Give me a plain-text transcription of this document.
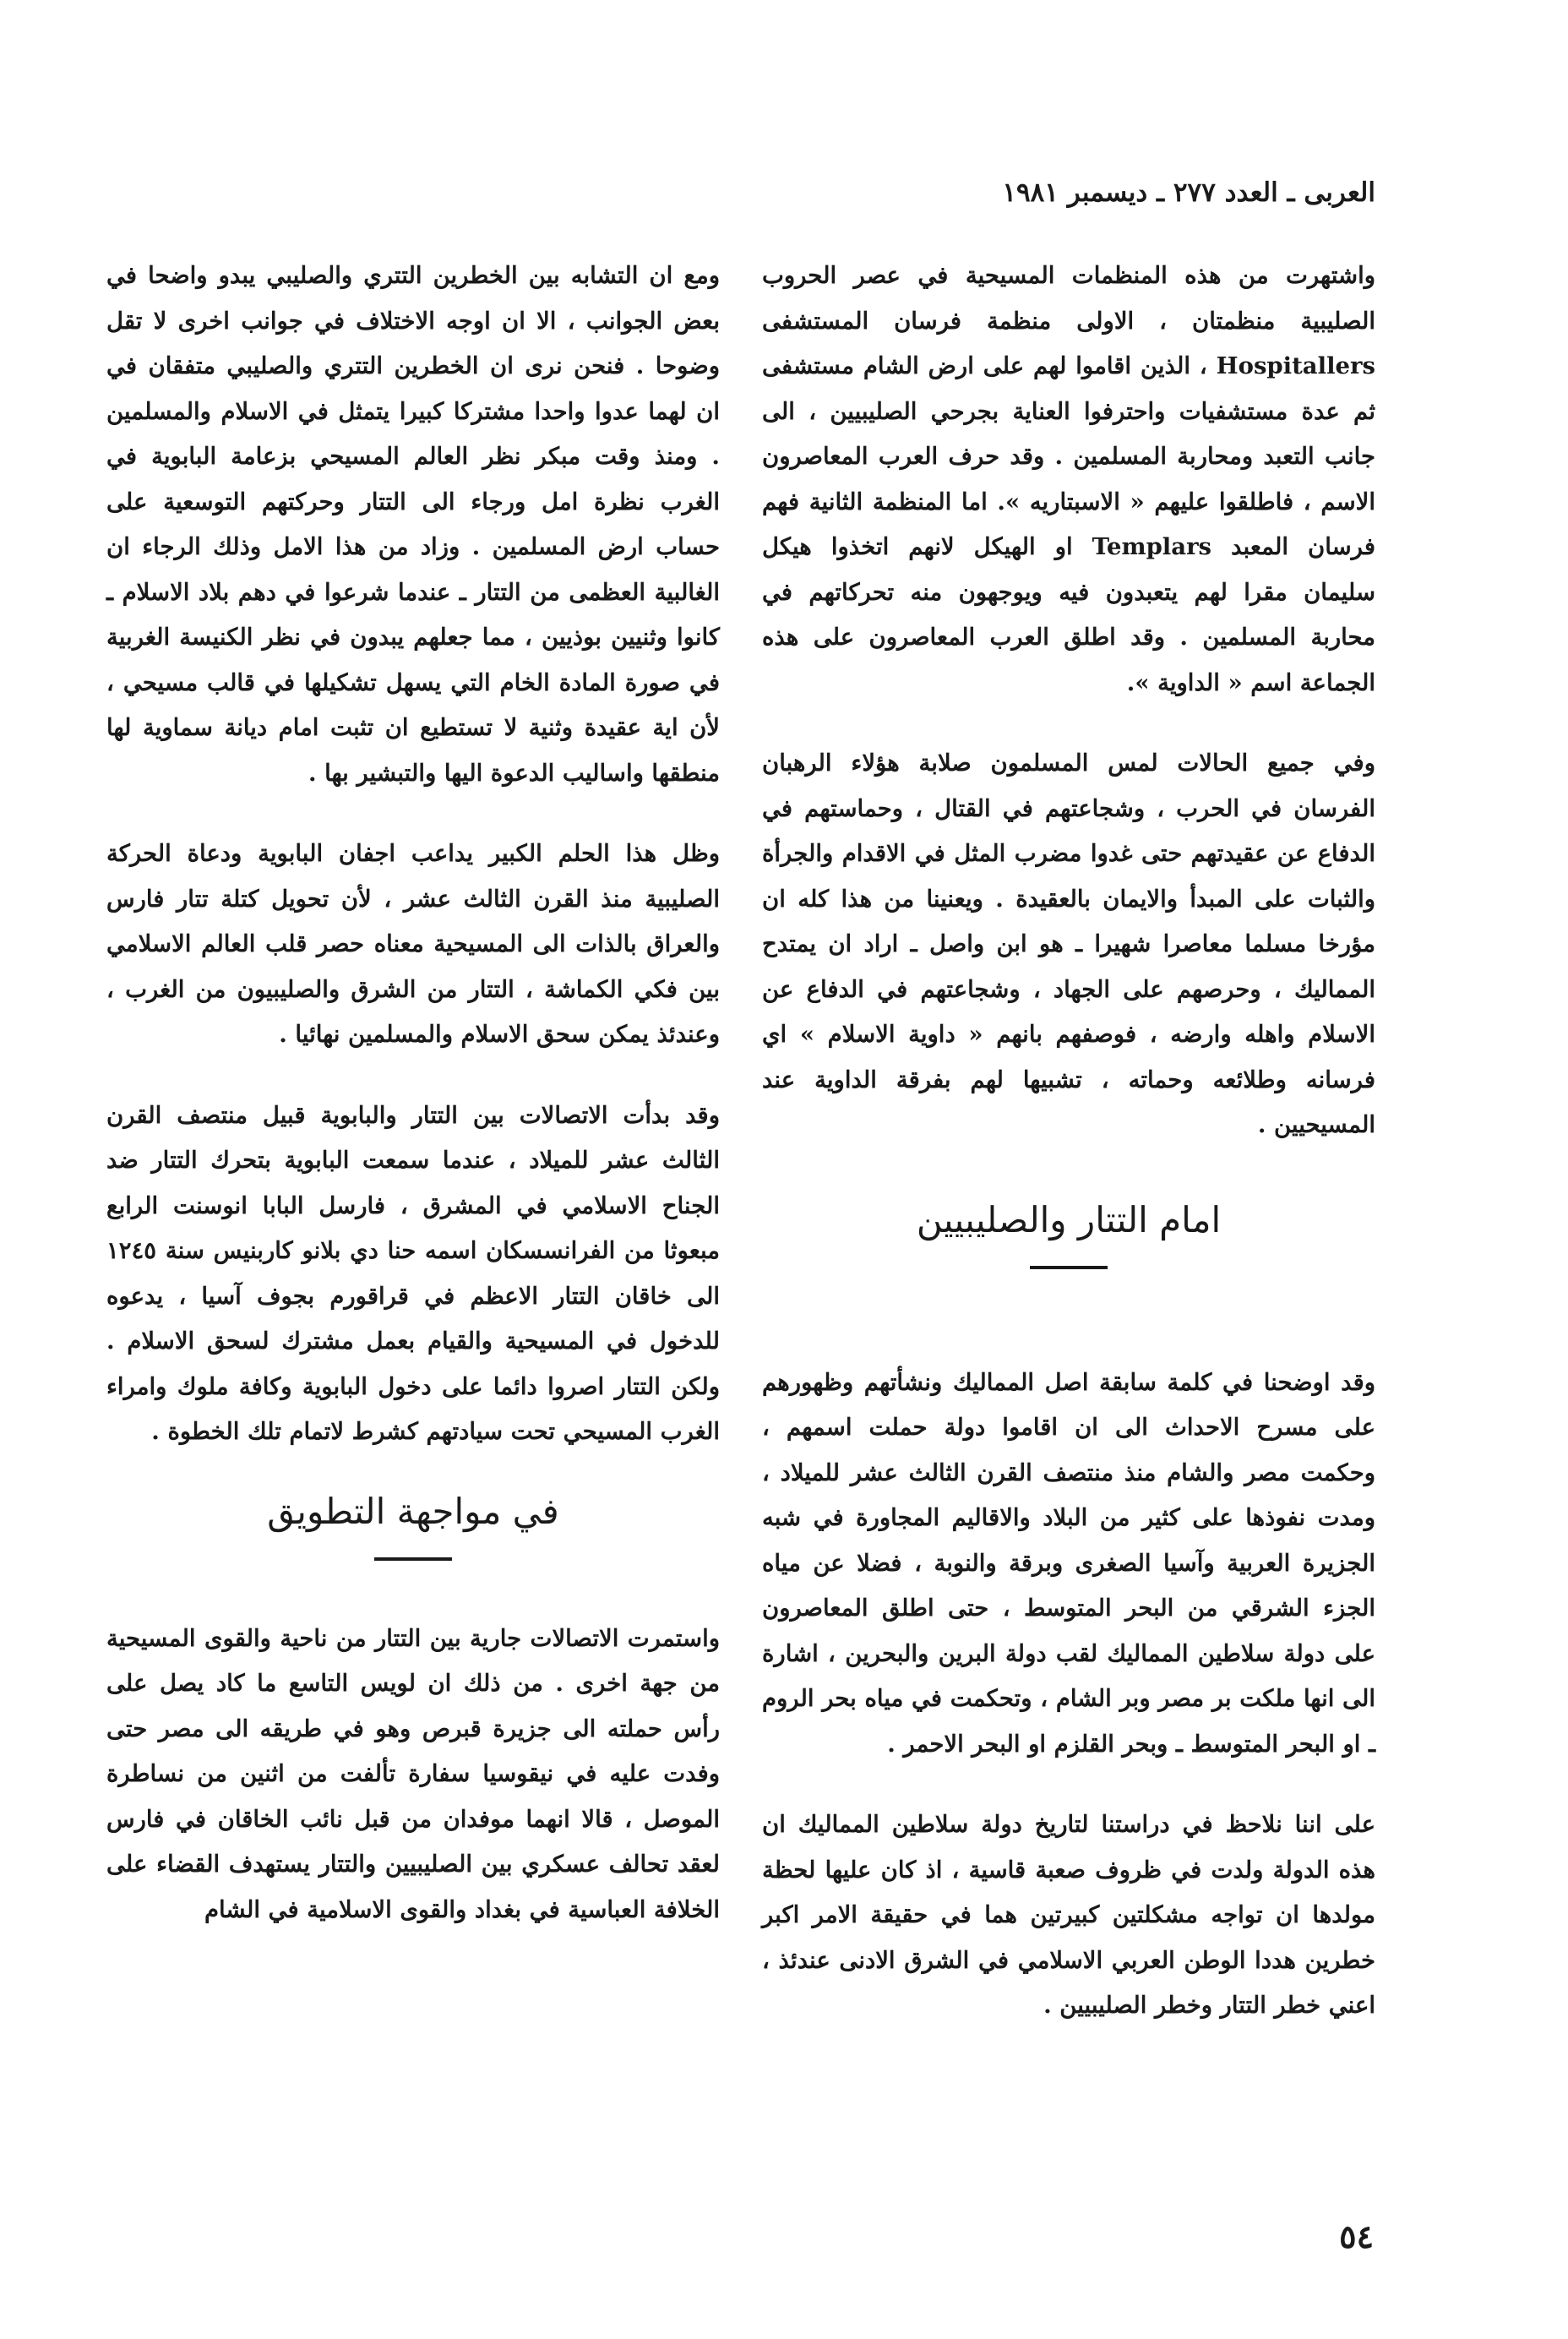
العربى ـ العدد ٢٧٧ ـ ديسمبر ١٩٨١

واشتهرت من هذه المنظمات المسيحية في عصر الحروب الصليبية منظمتان ، الاولى منظمة فرسان المستشفى Hospitallers ، الذين اقاموا لهم على ارض الشام مستشفى ثم عدة مستشفيات واحترفوا العناية بجرحي الصليبيين ، الى جانب التعبد ومحاربة المسلمين . وقد حرف العرب المعاصرون الاسم ، فاطلقوا عليهم « الاسبتاريه ». اما المنظمة الثانية فهم فرسان المعبد Templars او الهيكل لانهم اتخذوا هيكل سليمان مقرا لهم يتعبدون فيه ويوجهون منه تحركاتهم في محاربة المسلمين . وقد اطلق العرب المعاصرون على هذه الجماعة اسم « الداوية ».

وفي جميع الحالات لمس المسلمون صلابة هؤلاء الرهبان الفرسان في الحرب ، وشجاعتهم في القتال ، وحماستهم في الدفاع عن عقيدتهم حتى غدوا مضرب المثل في الاقدام والجرأة والثبات على المبدأ والايمان بالعقيدة . ويعنينا من هذا كله ان مؤرخا مسلما معاصرا شهيرا ـ هو ابن واصل ـ اراد ان يمتدح المماليك ، وحرصهم على الجهاد ، وشجاعتهم في الدفاع عن الاسلام واهله وارضه ، فوصفهم بانهم « داوية الاسلام » اي فرسانه وطلائعه وحماته ، تشبيها لهم بفرقة الداوية عند المسيحيين .

امام التتار والصليبيين

وقد اوضحنا في كلمة سابقة اصل المماليك ونشأتهم وظهورهم على مسرح الاحداث الى ان اقاموا دولة حملت اسمهم ، وحكمت مصر والشام منذ منتصف القرن الثالث عشر للميلاد ، ومدت نفوذها على كثير من البلاد والاقاليم المجاورة في شبه الجزيرة العربية وآسيا الصغرى وبرقة والنوبة ، فضلا عن مياه الجزء الشرقي من البحر المتوسط ، حتى اطلق المعاصرون على دولة سلاطين المماليك لقب دولة البرين والبحرين ، اشارة الى انها ملكت بر مصر وبر الشام ، وتحكمت في مياه بحر الروم ـ او البحر المتوسط ـ وبحر القلزم او البحر الاحمر .

على اننا نلاحظ في دراستنا لتاريخ دولة سلاطين المماليك ان هذه الدولة ولدت في ظروف صعبة قاسية ، اذ كان عليها لحظة مولدها ان تواجه مشكلتين كبيرتين هما في حقيقة الامر اكبر خطرين هددا الوطن العربي الاسلامي في الشرق الادنى عندئذ ، اعني خطر التتار وخطر الصليبيين .

ومع ان التشابه بين الخطرين التتري والصليبي يبدو واضحا في بعض الجوانب ، الا ان اوجه الاختلاف في جوانب اخرى لا تقل وضوحا . فنحن نرى ان الخطرين التتري والصليبي متفقان في ان لهما عدوا واحدا مشتركا كبيرا يتمثل في الاسلام والمسلمين . ومنذ وقت مبكر نظر العالم المسيحي بزعامة البابوية في الغرب نظرة امل ورجاء الى التتار وحركتهم التوسعية على حساب ارض المسلمين . وزاد من هذا الامل وذلك الرجاء ان الغالبية العظمى من التتار ـ عندما شرعوا في دهم بلاد الاسلام ـ كانوا وثنيين بوذيين ، مما جعلهم يبدون في نظر الكنيسة الغربية في صورة المادة الخام التي يسهل تشكيلها في قالب مسيحي ، لأن اية عقيدة وثنية لا تستطيع ان تثبت امام ديانة سماوية لها منطقها واساليب الدعوة اليها والتبشير بها .

وظل هذا الحلم الكبير يداعب اجفان البابوية ودعاة الحركة الصليبية منذ القرن الثالث عشر ، لأن تحويل كتلة تتار فارس والعراق بالذات الى المسيحية معناه حصر قلب العالم الاسلامي بين فكي الكماشة ، التتار من الشرق والصليبيون من الغرب ، وعندئذ يمكن سحق الاسلام والمسلمين نهائيا .

وقد بدأت الاتصالات بين التتار والبابوية قبيل منتصف القرن الثالث عشر للميلاد ، عندما سمعت البابوية بتحرك التتار ضد الجناح الاسلامي في المشرق ، فارسل البابا انوسنت الرابع مبعوثا من الفرانسسكان اسمه حنا دي بلانو كاربنيس سنة ١٢٤٥ الى خاقان التتار الاعظم في قراقورم بجوف آسيا ، يدعوه للدخول في المسيحية والقيام بعمل مشترك لسحق الاسلام . ولكن التتار اصروا دائما على دخول البابوية وكافة ملوك وامراء الغرب المسيحي تحت سيادتهم كشرط لاتمام تلك الخطوة .

في مواجهة التطويق

واستمرت الاتصالات جارية بين التتار من ناحية والقوى المسيحية من جهة اخرى . من ذلك ان لويس التاسع ما كاد يصل على رأس حملته الى جزيرة قبرص وهو في طريقه الى مصر حتى وفدت عليه في نيقوسيا سفارة تألفت من اثنين من نساطرة الموصل ، قالا انهما موفدان من قبل نائب الخاقان في فارس لعقد تحالف عسكري بين الصليبيين والتتار يستهدف القضاء على الخلافة العباسية في بغداد والقوى الاسلامية في الشام

٥٤
